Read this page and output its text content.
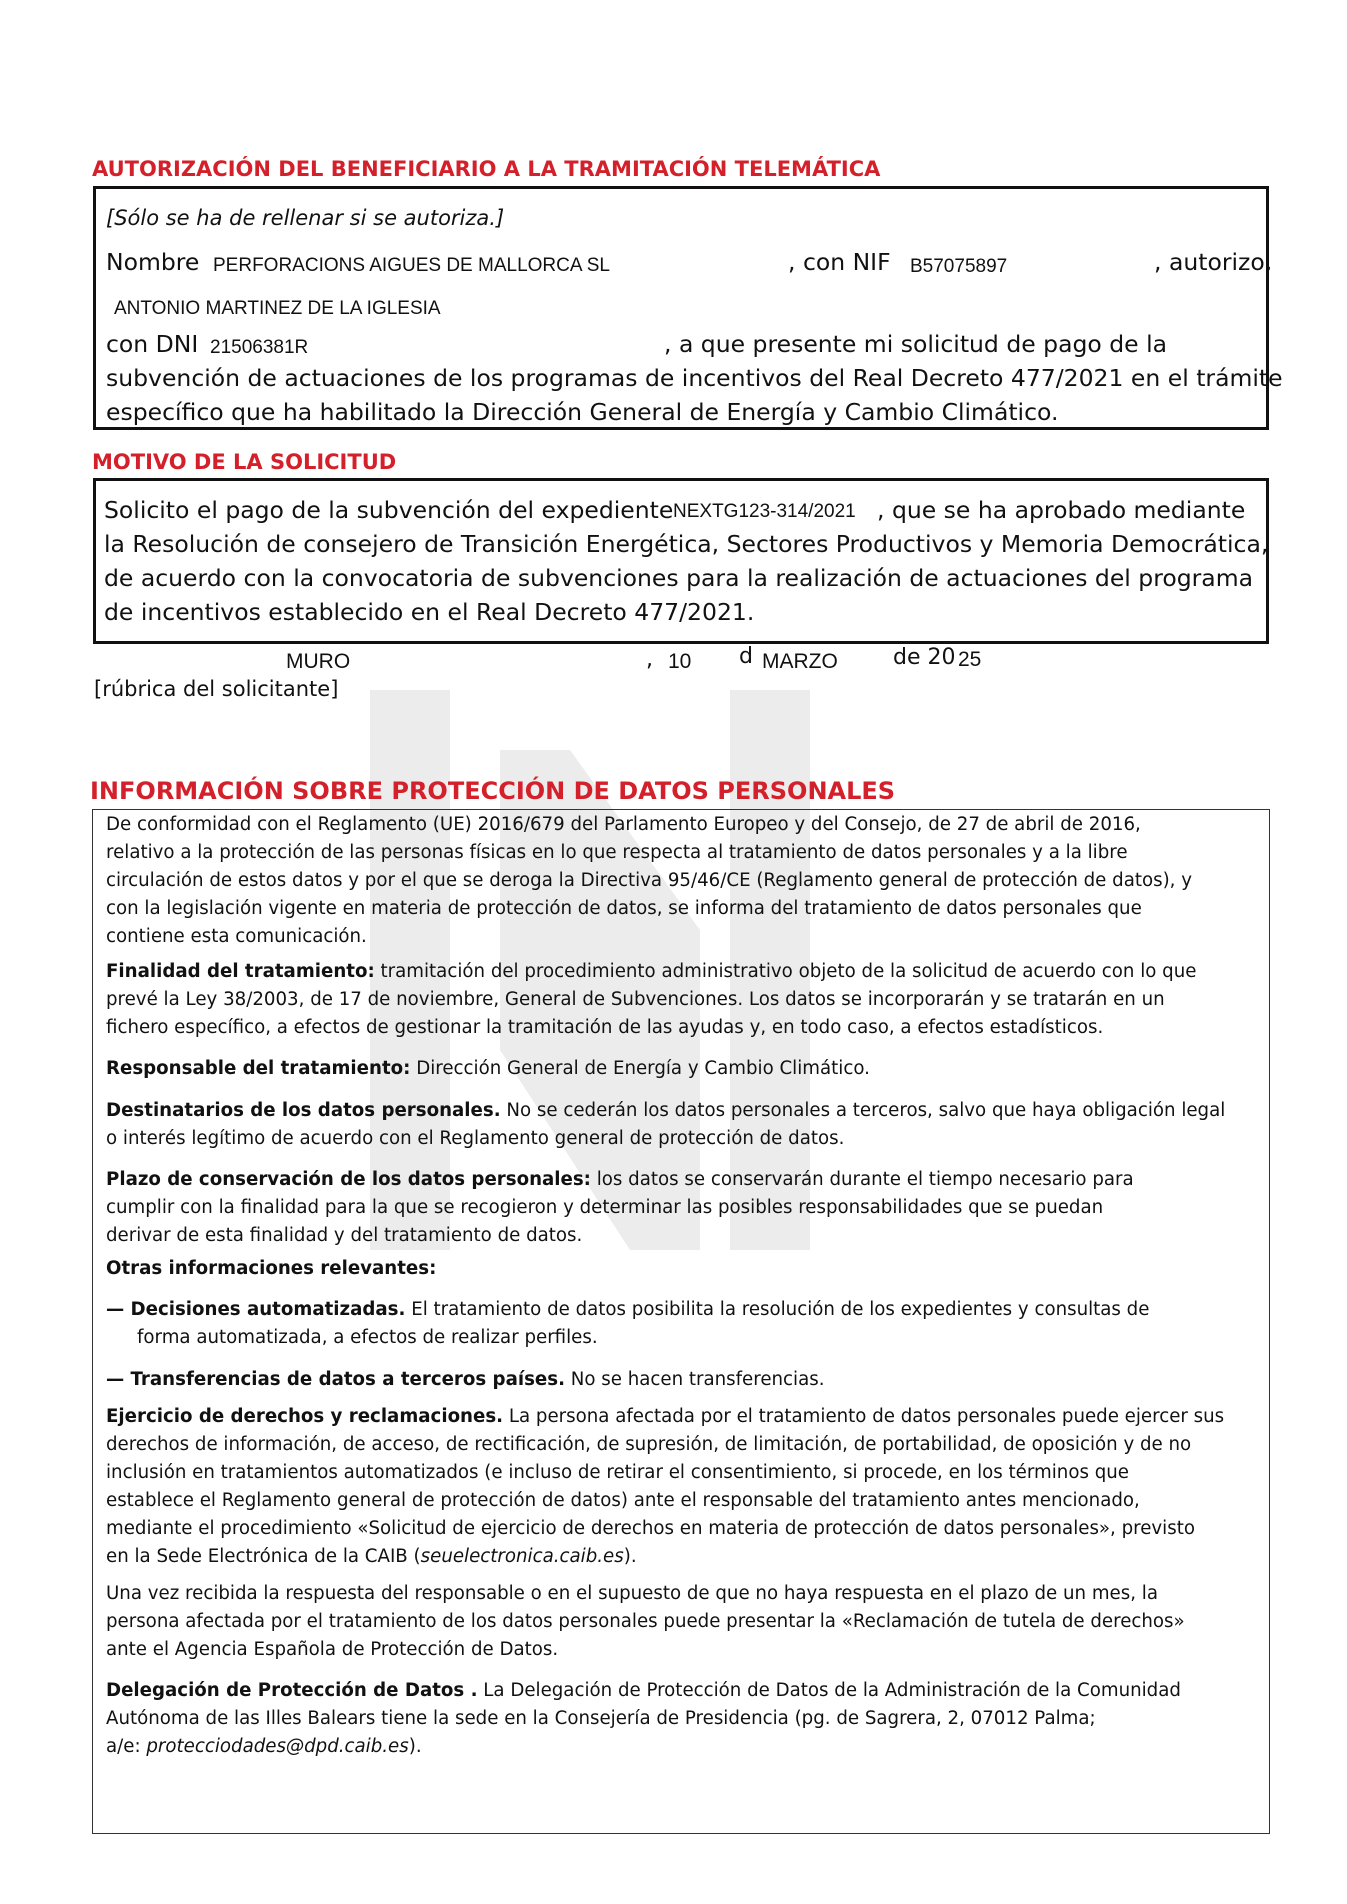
AUTORIZACIÓN DEL BENEFICIARIO A LA TRAMITACIÓN TELEMÁTICA
[Sólo se ha de rellenar si se autoriza.]
Nombre PERFORACIONS AIGUES DE MALLORCA SL	, con NIF B57075897	, autorizo,
ANTONIO MARTINEZ DE LA IGLESIA
con DNI 21506381R	, a que presente mi solicitud de pago de la
subvención de actuaciones de los programas de incentivos del Real Decreto 477/2021 en el trámite
específico que ha habilitado la Dirección General de Energía y Cambio Climático.
MOTIVO DE LA SOLICITUD
Solicito el pago de la subvención del expediente NEXTG123-314/2021 , que se ha aprobado mediante
la Resolución de consejero de Transición Energética, Sectores Productivos y Memoria Democrática,
de acuerdo con la convocatoria de subvenciones para la realización de actuaciones del programa
de incentivos establecido en el Real Decreto 477/2021.
MURO	, 10 d MARZO	de 20 25
[rúbrica del solicitante]
INFORMACIÓN SOBRE PROTECCIÓN DE DATOS PERSONALES
De conformidad con el Reglamento (UE) 2016/679 del Parlamento Europeo y del Consejo, de 27 de abril de 2016,
relativo a la protección de las personas físicas en lo que respecta al tratamiento de datos personales y a la libre
circulación de estos datos y por el que se deroga la Directiva 95/46/CE (Reglamento general de protección de datos), y
con la legislación vigente en materia de protección de datos, se informa del tratamiento de datos personales que
contiene esta comunicación.
Finalidad del tratamiento: tramitación del procedimiento administrativo objeto de la solicitud de acuerdo con lo que
prevé la Ley 38/2003, de 17 de noviembre, General de Subvenciones. Los datos se incorporarán y se tratarán en un
fichero específico, a efectos de gestionar la tramitación de las ayudas y, en todo caso, a efectos estadísticos.
Responsable del tratamiento: Dirección General de Energía y Cambio Climático.
Destinatarios de los datos personales. No se cederán los datos personales a terceros, salvo que haya obligación legal
o interés legítimo de acuerdo con el Reglamento general de protección de datos.
Plazo de conservación de los datos personales: los datos se conservarán durante el tiempo necesario para
cumplir con la finalidad para la que se recogieron y determinar las posibles responsabilidades que se puedan
derivar de esta finalidad y del tratamiento de datos.
Otras informaciones relevantes:
— Decisiones automatizadas. El tratamiento de datos posibilita la resolución de los expedientes y consultas de
forma automatizada, a efectos de realizar perfiles.
— Transferencias de datos a terceros países. No se hacen transferencias.
Ejercicio de derechos y reclamaciones. La persona afectada por el tratamiento de datos personales puede ejercer sus
derechos de información, de acceso, de rectificación, de supresión, de limitación, de portabilidad, de oposición y de no
inclusión en tratamientos automatizados (e incluso de retirar el consentimiento, si procede, en los términos que
establece el Reglamento general de protección de datos) ante el responsable del tratamiento antes mencionado,
mediante el procedimiento «Solicitud de ejercicio de derechos en materia de protección de datos personales», previsto
en la Sede Electrónica de la CAIB (seuelectronica.caib.es).
Una vez recibida la respuesta del responsable o en el supuesto de que no haya respuesta en el plazo de un mes, la
persona afectada por el tratamiento de los datos personales puede presentar la «Reclamación de tutela de derechos»
ante el Agencia Española de Protección de Datos.
Delegación de Protección de Datos . La Delegación de Protección de Datos de la Administración de la Comunidad
Autónoma de las Illes Balears tiene la sede en la Consejería de Presidencia (pg. de Sagrera, 2, 07012 Palma;
a/e: protecciodades@dpd.caib.es).
